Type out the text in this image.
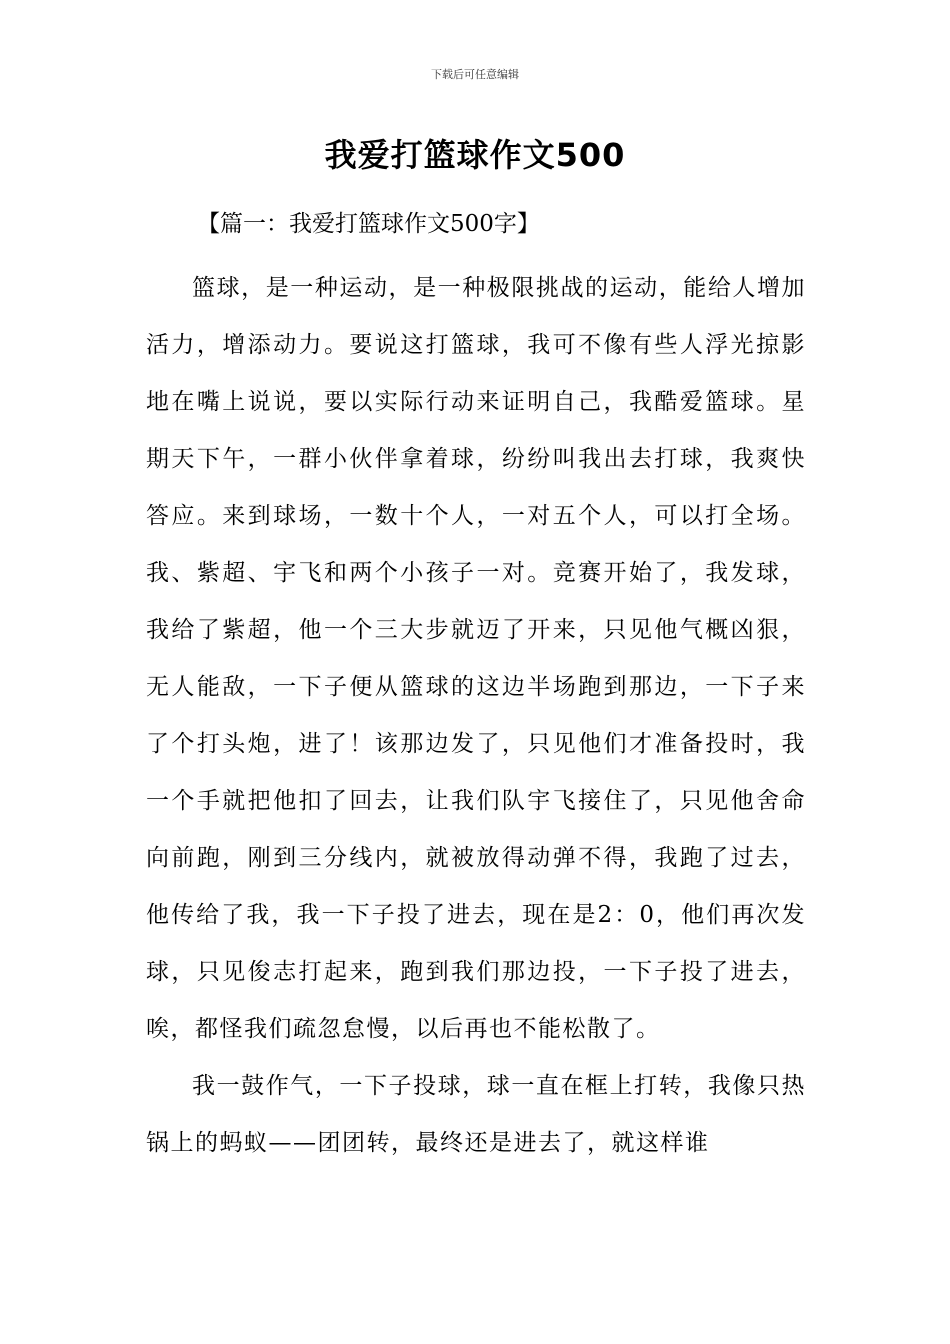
下载后可任意编辑
我爱打篮球作文500

【篇一：我爱打篮球作文500字】

篮球，是一种运动，是一种极限挑战的运动，能给人增加活力，增添动力。要说这打篮球，我可不像有些人浮光掠影地在嘴上说说，要以实际行动来证明自己，我酷爱篮球。星期天下午，一群小伙伴拿着球，纷纷叫我出去打球，我爽快答应。来到球场，一数十个人，一对五个人，可以打全场。我、紫超、宇飞和两个小孩子一对。竞赛开始了，我发球，我给了紫超，他一个三大步就迈了开来，只见他气概凶狠，无人能敌，一下子便从篮球的这边半场跑到那边，一下子来了个打头炮，进了！该那边发了，只见他们才准备投时，我一个手就把他扣了回去，让我们队宇飞接住了，只见他舍命向前跑，刚到三分线内，就被放得动弹不得，我跑了过去，他传给了我，我一下子投了进去，现在是2：0，他们再次发球，只见俊志打起来，跑到我们那边投，一下子投了进去，唉，都怪我们疏忽怠慢，以后再也不能松散了。

我一鼓作气，一下子投球，球一直在框上打转，我像只热锅上的蚂蚁——团团转，最终还是进去了，就这样谁
